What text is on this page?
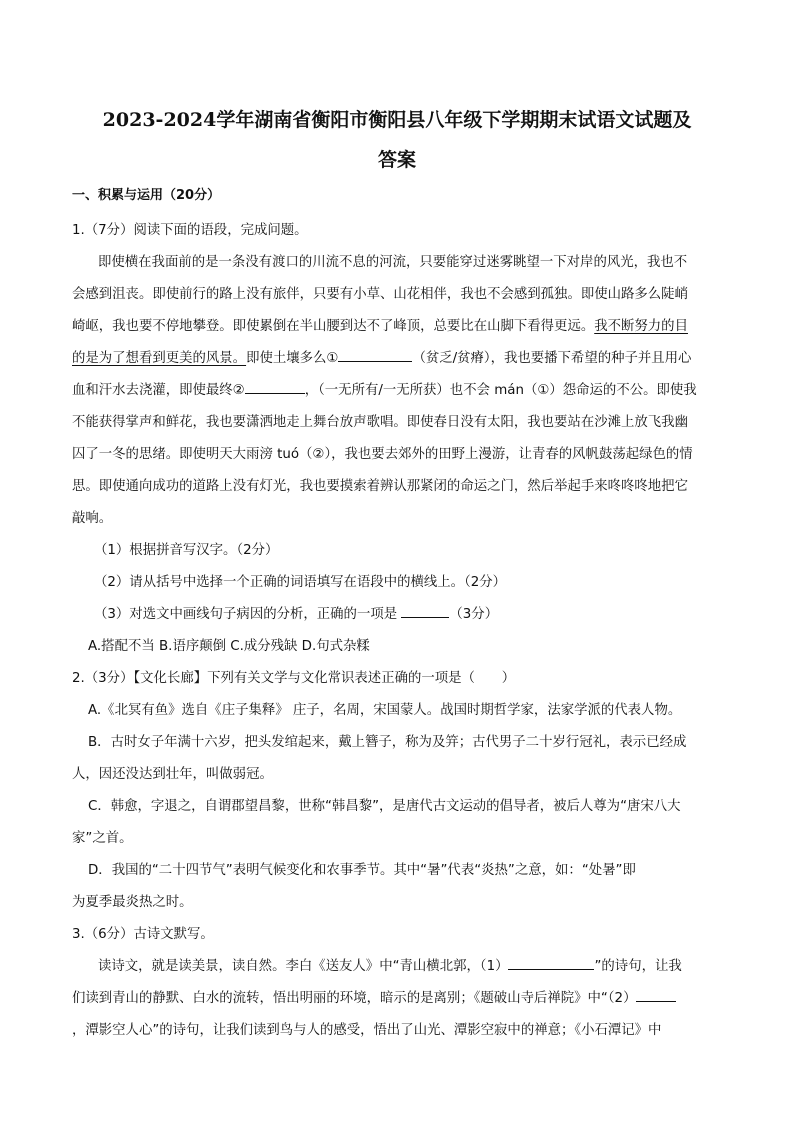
2023-2024学年湖南省衡阳市衡阳县八年级下学期期末试语文试题及
答案
一、积累与运用（20分）
1.（7分）阅读下面的语段，完成问题。
即使横在我面前的是一条没有渡口的川流不息的河流，只要能穿过迷雾眺望一下对岸的风光，我也不
会感到沮丧。即使前行的路上没有旅伴，只要有小草、山花相伴，我也不会感到孤独。即使山路多么陡峭
崎岖，我也要不停地攀登。即使累倒在半山腰到达不了峰顶，总要比在山脚下看得更远。我不断努力的目
的是为了想看到更美的风景。即使土壤多么①	（贫乏/贫瘠），我也要播下希望的种子并且用心
血和汗水去浇灌，即使最终②	，（一无所有/一无所获）也不会 mán（①）怨命运的不公。即使我
不能获得掌声和鲜花，我也要潇洒地走上舞台放声歌唱。即使春日没有太阳，我也要站在沙滩上放飞我幽
囚了一冬的思绪。即使明天大雨滂 tuó（②），我也要去郊外的田野上漫游，让青春的风帆鼓荡起绿色的情
思。即使通向成功的道路上没有灯光，我也要摸索着辨认那紧闭的命运之门，然后举起手来咚咚咚地把它
敲响。
（1）根据拼音写汉字。（2分）
（2）请从括号中选择一个正确的词语填写在语段中的横线上。（2分）
（3）对选文中画线句子病因的分析，正确的一项是	（3分）
A.搭配不当 B.语序颠倒 C.成分残缺 D.句式杂糅
2.（3分）【文化长廊】下列有关文学与文化常识表述正确的一项是（　　）
A.《北冥有鱼》选自《庄子集释》 庄子，名周，宋国蒙人。战国时期哲学家，法家学派的代表人物。
B．古时女子年满十六岁，把头发绾起来，戴上簪子，称为及笄；古代男子二十岁行冠礼，表示已经成
人，因还没达到壮年，叫做弱冠。
C．韩愈，字退之，自谓郡望昌黎，世称“韩昌黎”，是唐代古文运动的倡导者，被后人尊为“唐宋八大
家”之首。
D．我国的“二十四节气”表明气候变化和农事季节。其中“暑”代表“炎热”之意，如：“处暑”即
为夏季最炎热之时。
3.（6分）古诗文默写。
读诗文，就是读美景，读自然。李白《送友人》中“青山横北郭，（1）	”的诗句，让我
们读到青山的静默、白水的流转，悟出明丽的环境，暗示的是离别；《题破山寺后禅院》中“（2）
，潭影空人心”的诗句，让我们读到鸟与人的感受，悟出了山光、潭影空寂中的禅意；《小石潭记》中
